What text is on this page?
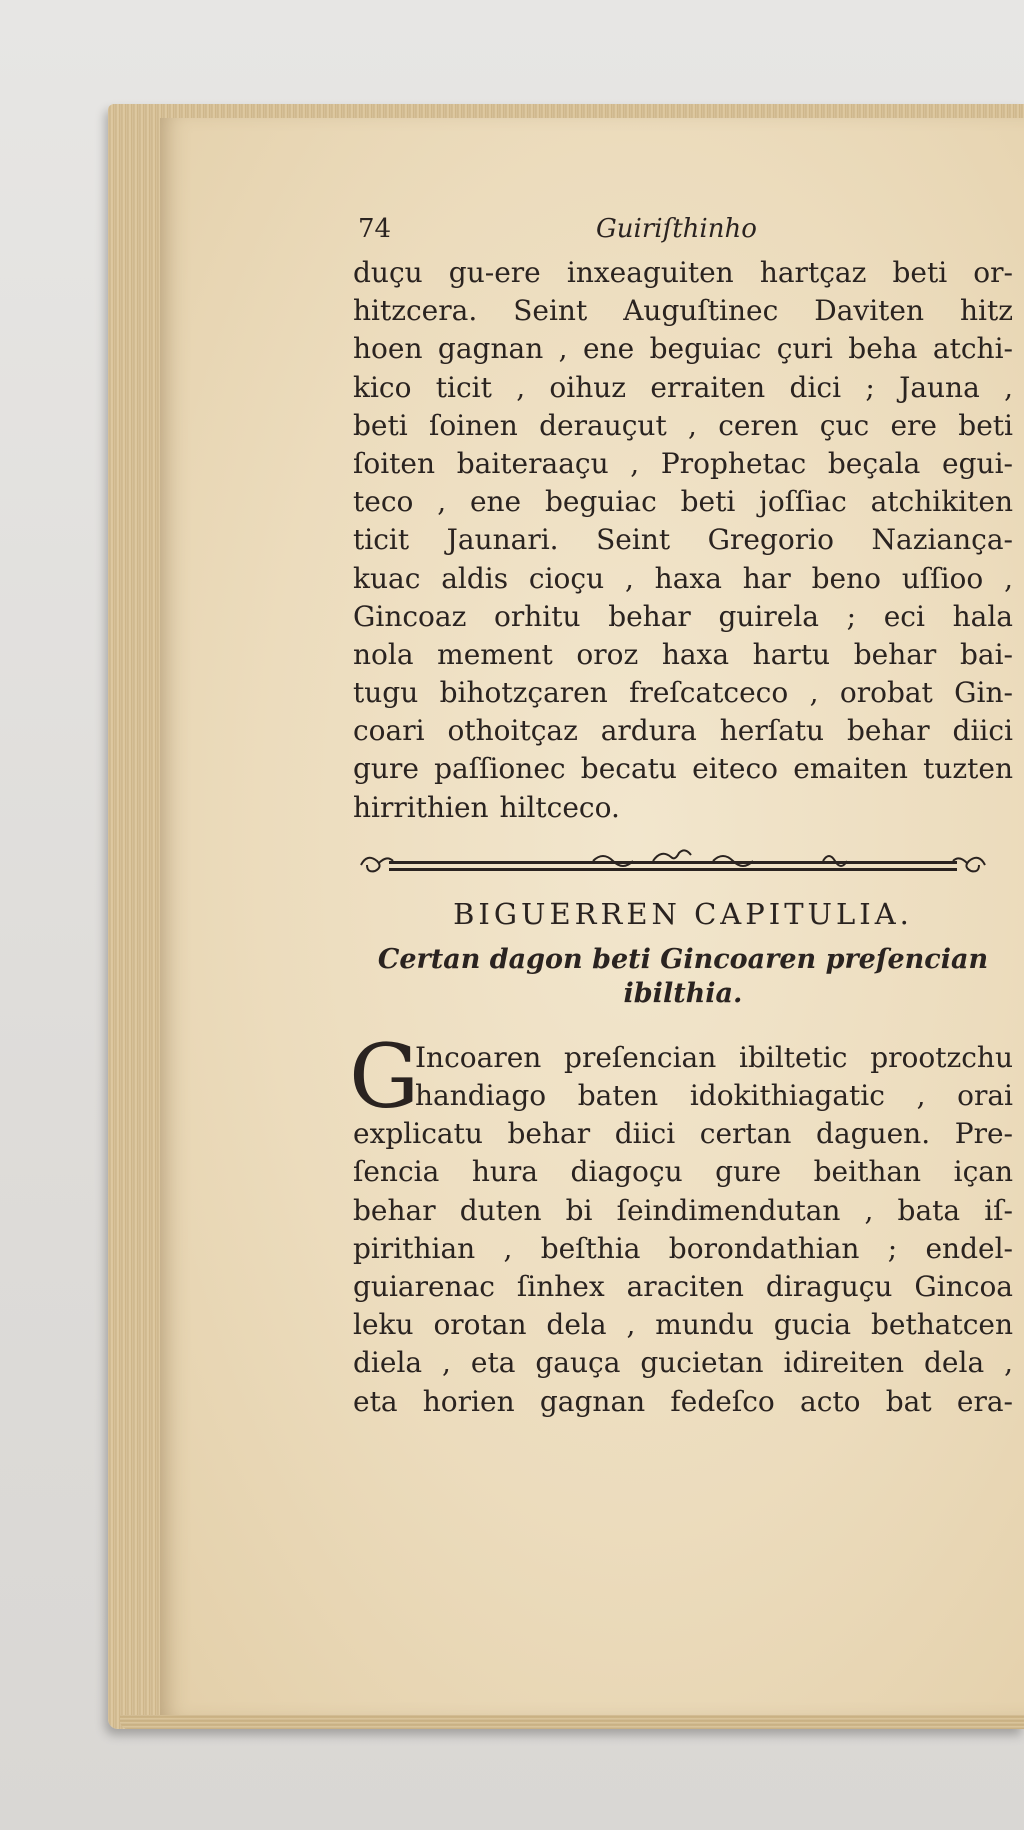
74	Guiriſthinho
duçu gu-ere inxeaguiten hartçaz beti or-
hitzcera. Seint Auguſtinec Daviten hitz
hoen gagnan , ene beguiac çuri beha atchi-
kico ticit , oihuz erraiten dici ; Jauna ,
beti ſoinen derauçut , ceren çuc ere beti
ſoiten baiteraaçu , Prophetac beçala egui-
teco , ene beguiac beti joſſiac atchikiten
ticit Jaunari. Seint Gregorio Naziança-
kuac aldis cioçu , haxa har beno uſſioo ,
Gincoaz orhitu behar guirela ; eci hala
nola mement oroz haxa hartu behar bai-
tugu bihotzçaren freſcatceco , orobat Gin-
coari othoitçaz ardura herſatu behar diici
gure paſſionec becatu eiteco emaiten tuzten
hirrithien hiltceco.
BIGUERREN CAPITULIA.
Certan dagon beti Gincoaren preſencian
ibilthia.
G
Incoaren preſencian ibiltetic prootzchu
handiago baten idokithiagatic , orai
explicatu behar diici certan daguen. Pre-
ſencia hura diagoçu gure beithan içan
behar duten bi ſeindimendutan , bata iſ-
pirithian , beſthia borondathian ; endel-
guiarenac ſinhex araciten diraguçu Gincoa
leku orotan dela , mundu gucia bethatcen
diela , eta gauça gucietan idireiten dela ,
eta horien gagnan fedeſco acto bat era-
